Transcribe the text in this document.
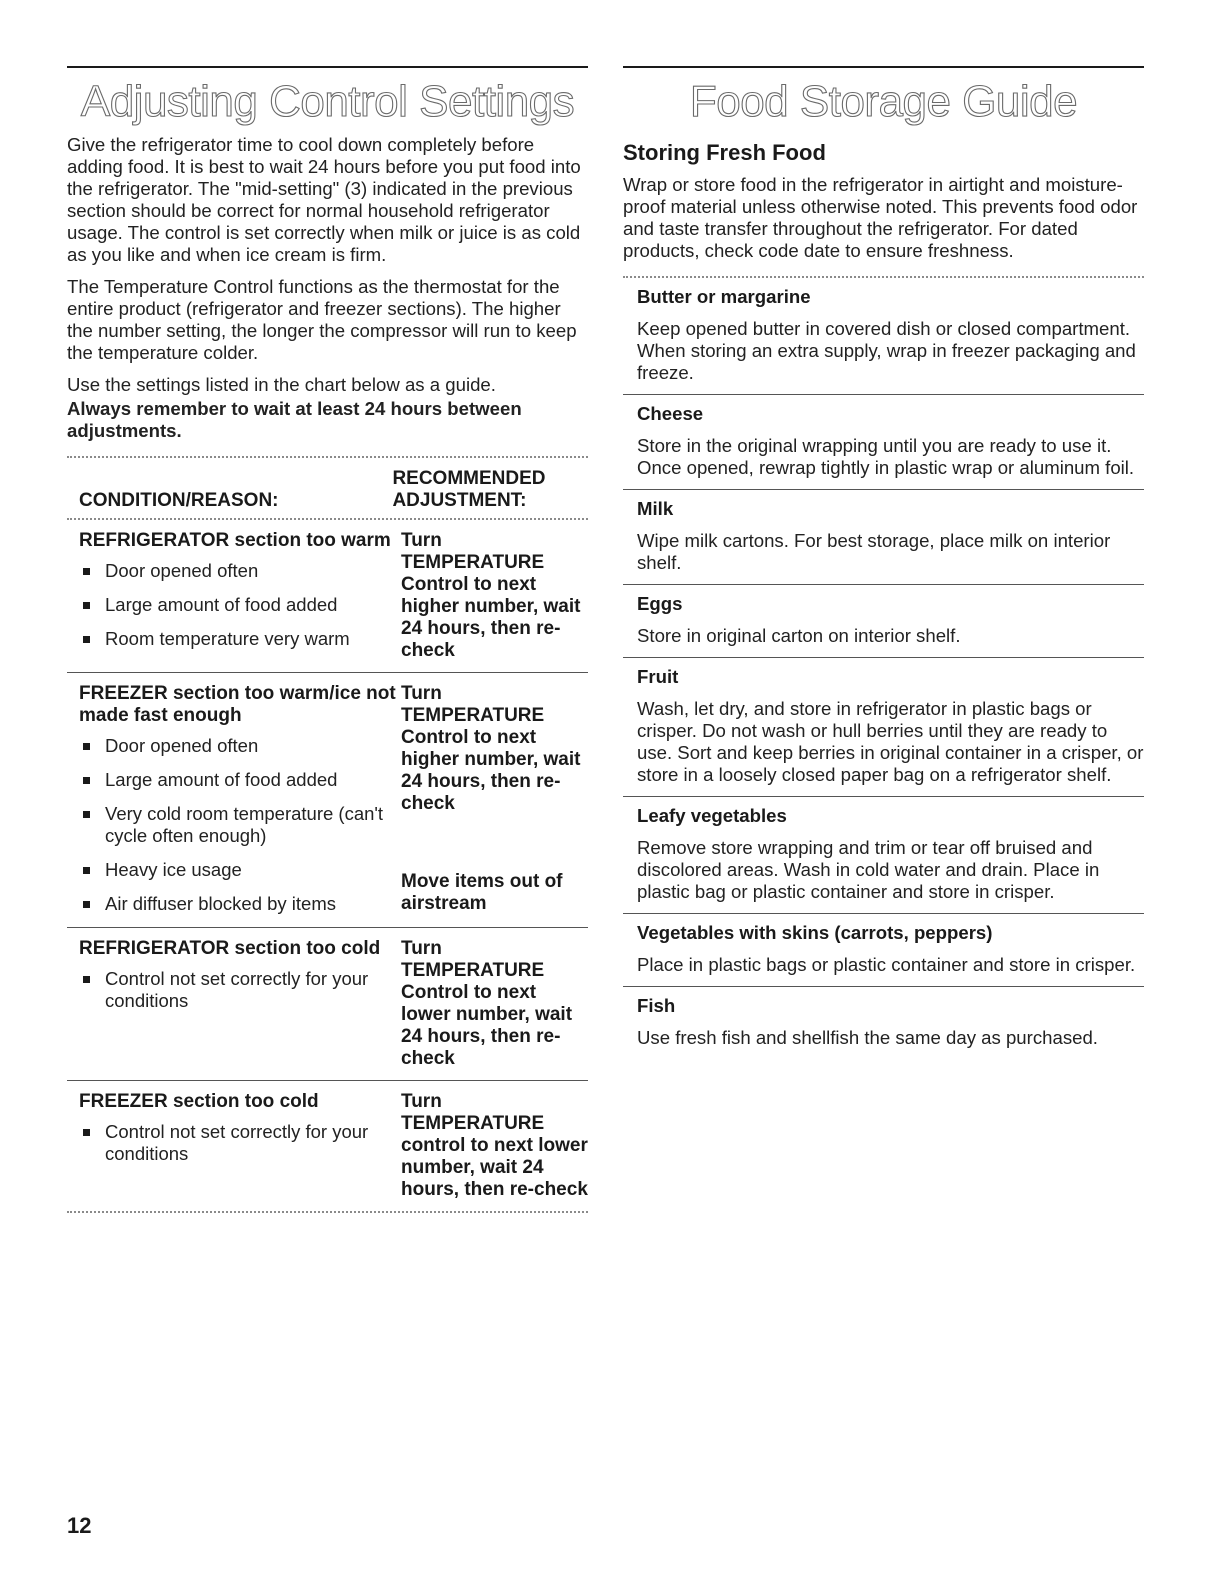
Adjusting Control Settings

Give the refrigerator time to cool down completely before adding food. It is best to wait 24 hours before you put food into the refrigerator. The "mid-setting" (3) indicated in the previous section should be correct for normal household refrigerator usage. The control is set correctly when milk or juice is as cold as you like and when ice cream is firm.

The Temperature Control functions as the thermostat for the entire product (refrigerator and freezer sections). The higher the number setting, the longer the compressor will run to keep the temperature colder.

Use the settings listed in the chart below as a guide.

Always remember to wait at least 24 hours between adjustments.

CONDITION/REASON:
RECOMMENDED ADJUSTMENT:
REFRIGERATOR section too warm
Door opened often
Large amount of food added
Room temperature very warm
Turn TEMPERATURE Control to next higher number, wait 24 hours, then re-check
FREEZER section too warm/ice not made fast enough
Door opened often
Large amount of food added
Very cold room temperature (can't cycle often enough)
Heavy ice usage
Air diffuser blocked by items
Turn TEMPERATURE Control to next higher number, wait 24 hours, then re-check
Move items out of airstream
REFRIGERATOR section too cold
Control not set correctly for your conditions
Turn TEMPERATURE Control to next lower number, wait 24 hours, then re-check
FREEZER section too cold
Control not set correctly for your conditions
Turn TEMPERATURE control to next lower number, wait 24 hours, then re-check
Food Storage Guide
Storing Fresh Food

Wrap or store food in the refrigerator in airtight and moisture-proof material unless otherwise noted. This prevents food odor and taste transfer throughout the refrigerator. For dated products, check code date to ensure freshness.

Butter or margarine

Keep opened butter in covered dish or closed compartment. When storing an extra supply, wrap in freezer packaging and freeze.

Cheese

Store in the original wrapping until you are ready to use it. Once opened, rewrap tightly in plastic wrap or aluminum foil.

Milk

Wipe milk cartons. For best storage, place milk on interior shelf.

Eggs

Store in original carton on interior shelf.

Fruit

Wash, let dry, and store in refrigerator in plastic bags or crisper. Do not wash or hull berries until they are ready to use. Sort and keep berries in original container in a crisper, or store in a loosely closed paper bag on a refrigerator shelf.

Leafy vegetables

Remove store wrapping and trim or tear off bruised and discolored areas. Wash in cold water and drain. Place in plastic bag or plastic container and store in crisper.

Vegetables with skins (carrots, peppers)

Place in plastic bags or plastic container and store in crisper.

Fish

Use fresh fish and shellfish the same day as purchased.

12
